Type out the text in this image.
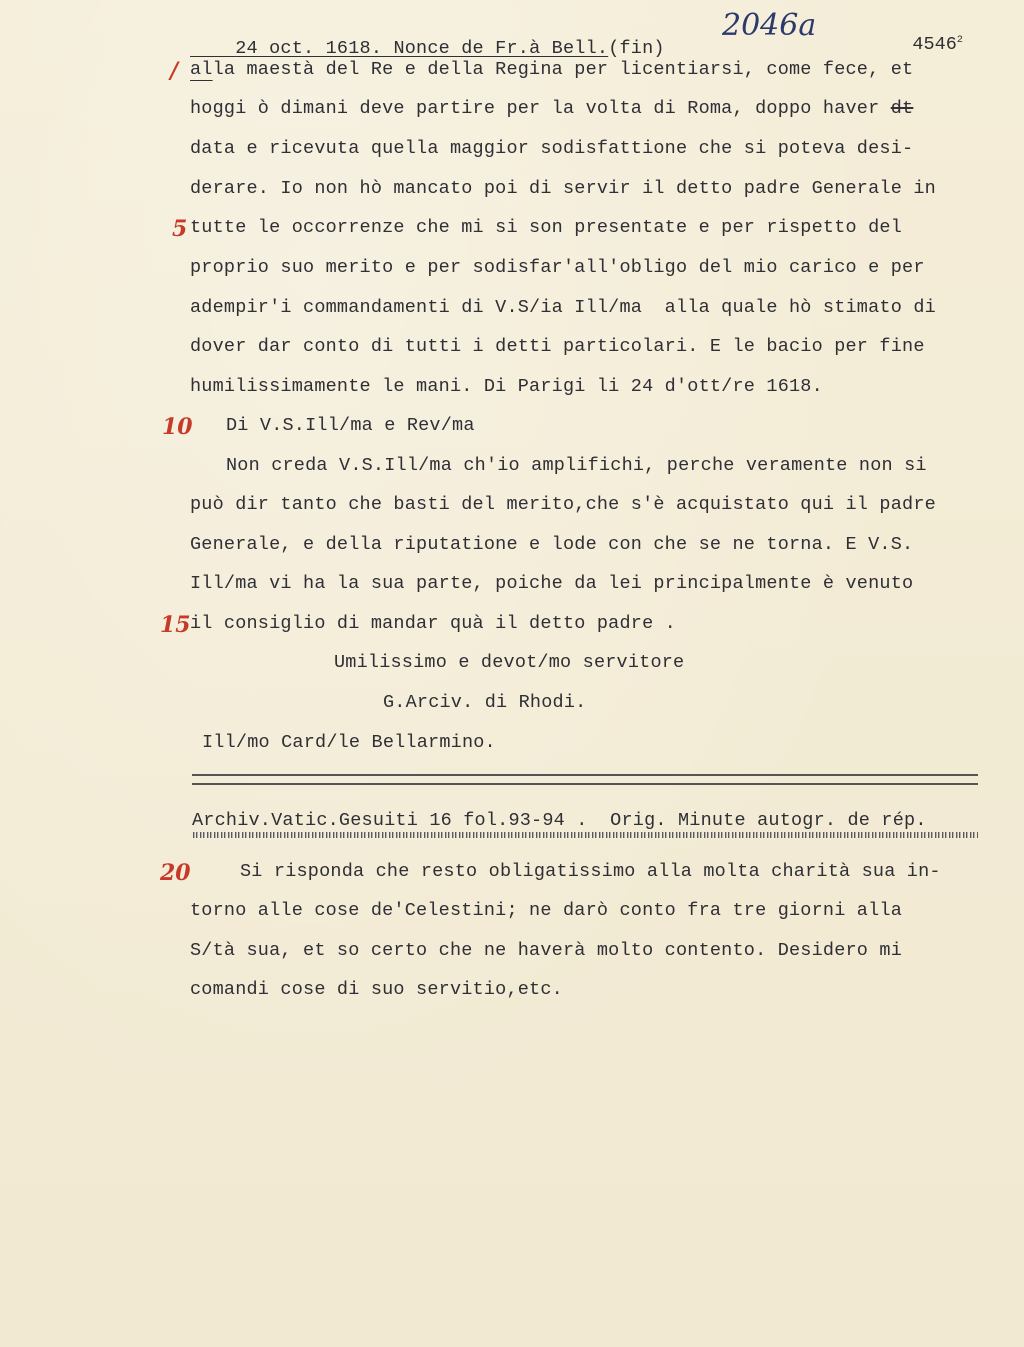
24 oct. 1618. Nonce de Fr.à Bell.(fin)

2046a

4546$^2$

/
5
10
15
20
alla maestà del Re e della Regina per licentiarsi, come fece, et
hoggi ò dimani deve partire per la volta di Roma, doppo haver dt
data e ricevuta quella maggior sodisfattione che si poteva desi-
derare. Io non hò mancato poi di servir il detto padre Generale in
tutte le occorrenze che mi si son presentate e per rispetto del
proprio suo merito e per sodisfar'all'obligo del mio carico e per
adempir'i commandamenti di V.S/ia Ill/ma  alla quale hò stimato di
dover dar conto di tutti i detti particolari. E le bacio per fine
humilissimamente le mani. Di Parigi li 24 d'ott/re 1618.
Di V.S.Ill/ma e Rev/ma
Non creda V.S.Ill/ma ch'io amplifichi, perche veramente non si
può dir tanto che basti del merito,che s'è acquistato qui il padre
Generale, e della riputatione e lode con che se ne torna. E V.S.
Ill/ma vi ha la sua parte, poiche da lei principalmente è venuto
il consiglio di mandar quà il detto padre .
Umilissimo e devot/mo servitore
G.Arciv. di Rhodi.
Ill/mo Card/le Bellarmino.
Archiv.Vatic.Gesuiti 16 fol.93-94 .  Orig. Minute autogr. de rép.
Si risponda che resto obligatissimo alla molta charità sua in-
torno alle cose de'Celestini; ne darò conto fra tre giorni alla
S/tà sua, et so certo che ne haverà molto contento. Desidero mi
comandi cose di suo servitio,etc.
